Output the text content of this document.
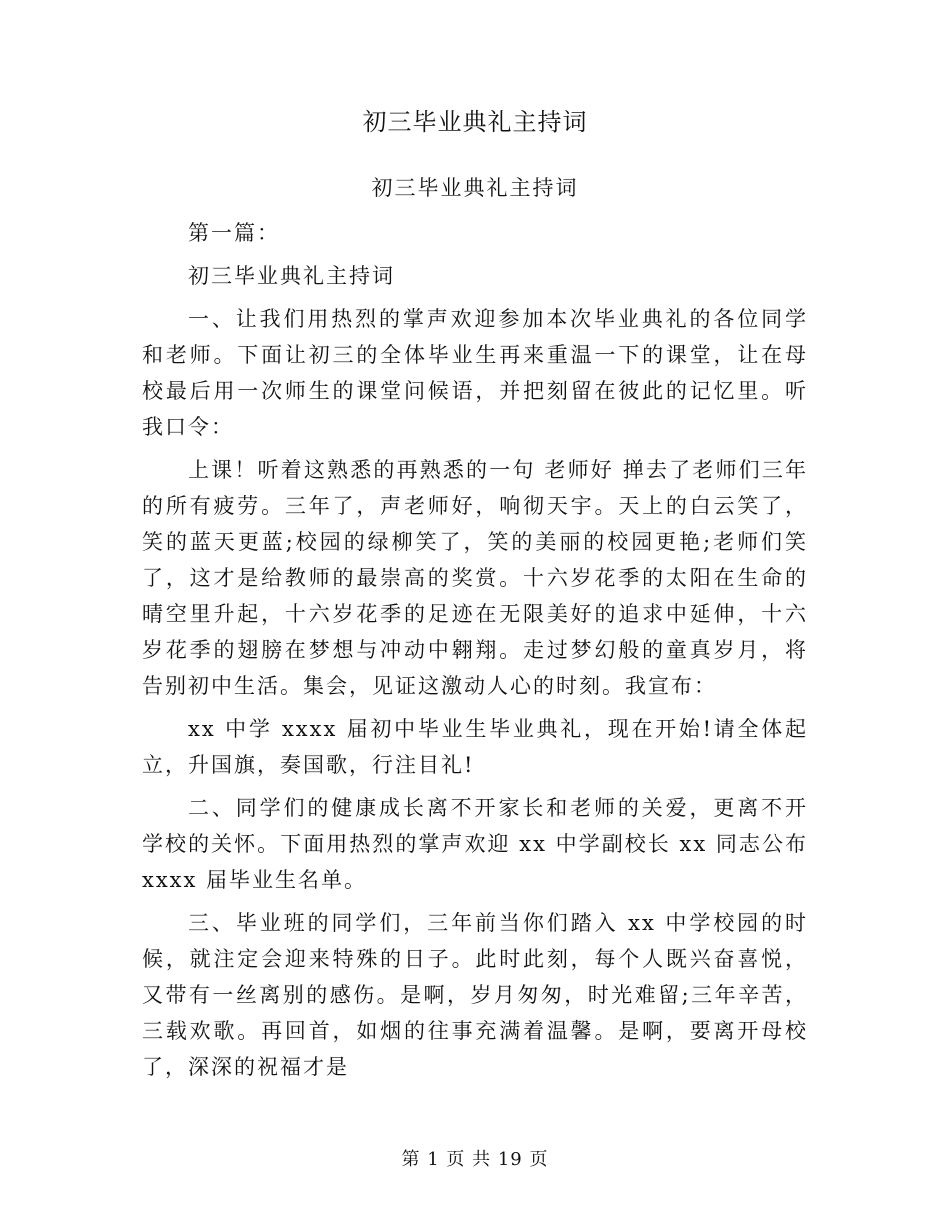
初三毕业典礼主持词

初三毕业典礼主持词

第一篇：

初三毕业典礼主持词

一、让我们用热烈的掌声欢迎参加本次毕业典礼的各位同学和老师。下面让初三的全体毕业生再来重温一下的课堂，让在母校最后用一次师生的课堂问候语，并把刻留在彼此的记忆里。听我口令：

上课！听着这熟悉的再熟悉的一句 老师好 掸去了老师们三年的所有疲劳。三年了，声老师好，响彻天宇。天上的白云笑了，笑的蓝天更蓝;校园的绿柳笑了，笑的美丽的校园更艳;老师们笑了，这才是给教师的最崇高的奖赏。十六岁花季的太阳在生命的晴空里升起，十六岁花季的足迹在无限美好的追求中延伸，十六岁花季的翅膀在梦想与冲动中翱翔。走过梦幻般的童真岁月，将告别初中生活。集会，见证这激动人心的时刻。我宣布：

xx 中学 xxxx 届初中毕业生毕业典礼，现在开始!请全体起立，升国旗，奏国歌，行注目礼!

二、同学们的健康成长离不开家长和老师的关爱，更离不开学校的关怀。下面用热烈的掌声欢迎 xx 中学副校长 xx 同志公布 xxxx 届毕业生名单。

三、毕业班的同学们，三年前当你们踏入 xx 中学校园的时候，就注定会迎来特殊的日子。此时此刻，每个人既兴奋喜悦，又带有一丝离别的感伤。是啊，岁月匆匆，时光难留;三年辛苦，三载欢歌。再回首，如烟的往事充满着温馨。是啊，要离开母校了，深深的祝福才是

第 1 页 共 19 页
